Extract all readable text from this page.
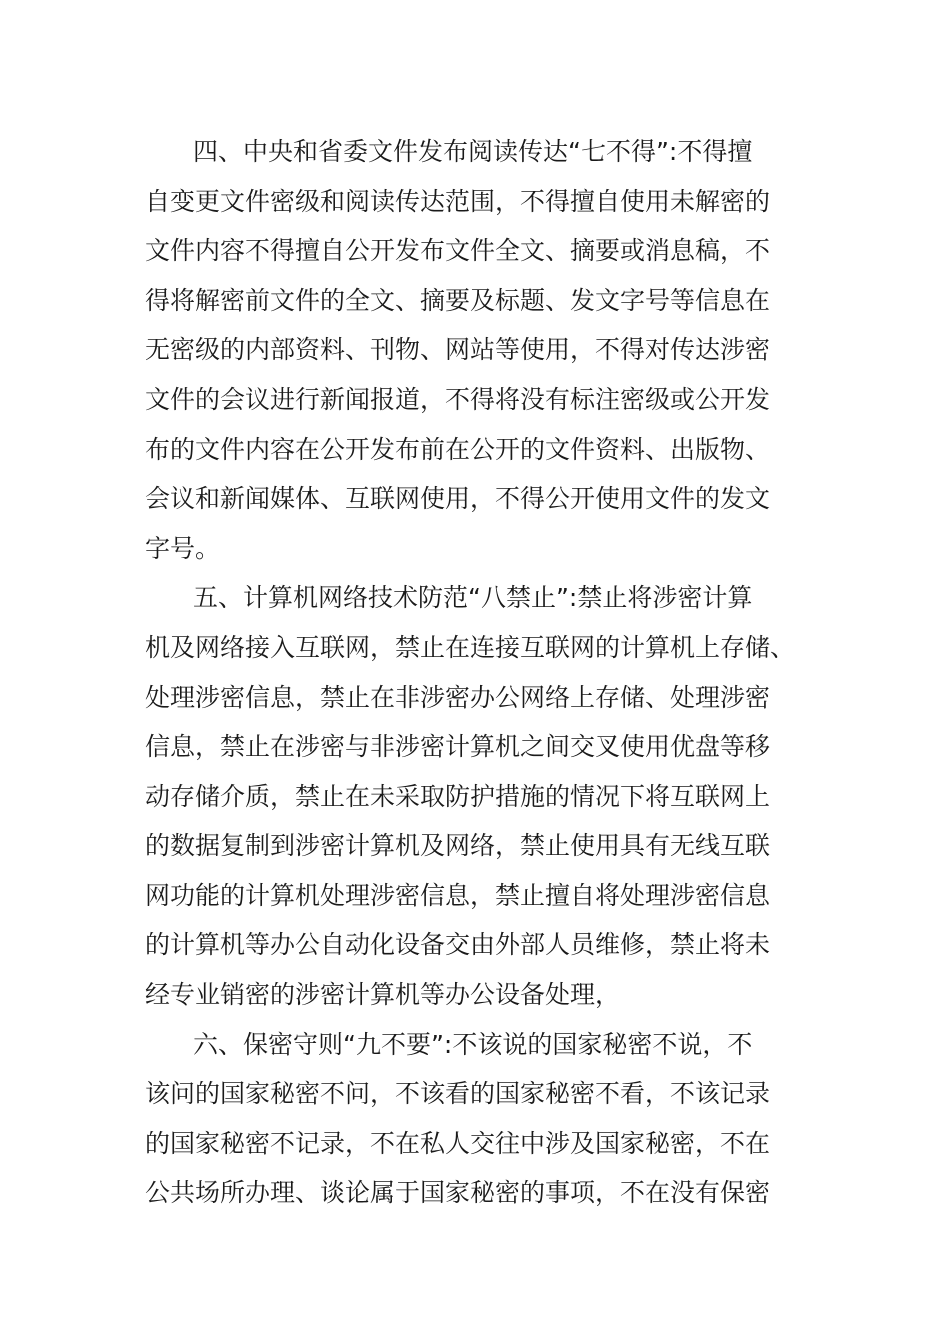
四、中央和省委文件发布阅读传达“七不得”:不得擅
自变更文件密级和阅读传达范围，不得擅自使用未解密的
文件内容不得擅自公开发布文件全文、摘要或消息稿，不
得将解密前文件的全文、摘要及标题、发文字号等信息在
无密级的内部资料、刊物、网站等使用，不得对传达涉密
文件的会议进行新闻报道，不得将没有标注密级或公开发
布的文件内容在公开发布前在公开的文件资料、出版物、
会议和新闻媒体、互联网使用，不得公开使用文件的发文
字号。
五、计算机网络技术防范“八禁止”:禁止将涉密计算
机及网络接入互联网，禁止在连接互联网的计算机上存储、
处理涉密信息，禁止在非涉密办公网络上存储、处理涉密
信息，禁止在涉密与非涉密计算机之间交叉使用优盘等移
动存储介质，禁止在未采取防护措施的情况下将互联网上
的数据复制到涉密计算机及网络，禁止使用具有无线互联
网功能的计算机处理涉密信息，禁止擅自将处理涉密信息
的计算机等办公自动化设备交由外部人员维修，禁止将未
经专业销密的涉密计算机等办公设备处理，
六、保密守则“九不要”:不该说的国家秘密不说，不
该问的国家秘密不问，不该看的国家秘密不看，不该记录
的国家秘密不记录，不在私人交往中涉及国家秘密，不在
公共场所办理、谈论属于国家秘密的事项，不在没有保密
